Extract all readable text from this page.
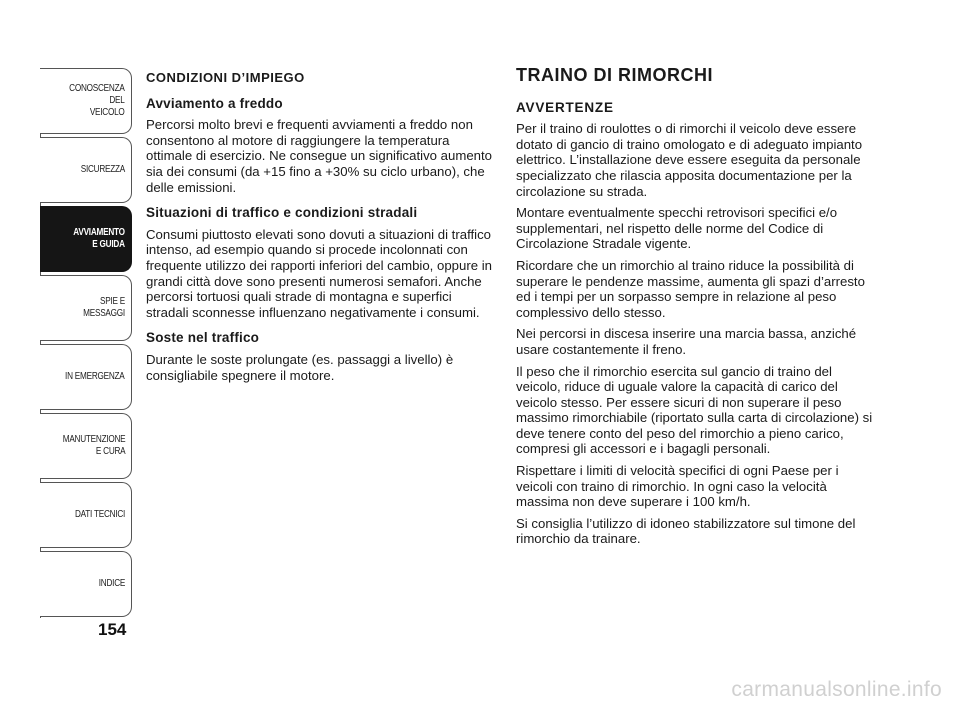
CONOSCENZA
DEL
VEICOLO
SICUREZZA
AVVIAMENTO
E GUIDA
SPIE E
MESSAGGI
IN EMERGENZA
MANUTENZIONE
E CURA
DATI TECNICI
INDICE
154
CONDIZIONI D’IMPIEGO
Avviamento a freddo

Percorsi molto brevi e frequenti avviamenti a freddo non consentono al motore di raggiungere la temperatura ottimale di esercizio. Ne consegue un significativo aumento sia dei consumi (da +15 fino a +30% su ciclo urbano), che delle emissioni.

Situazioni di traffico e condizioni stradali

Consumi piuttosto elevati sono dovuti a situazioni di traffico intenso, ad esempio quando si procede incolonnati con frequente utilizzo dei rapporti inferiori del cambio, oppure in grandi città dove sono presenti numerosi semafori. Anche percorsi tortuosi quali strade di montagna e superfici stradali sconnesse influenzano negativamente i consumi.

Soste nel traffico

Durante le soste prolungate (es. passaggi a livello) è consigliabile spegnere il motore.

TRAINO DI RIMORCHI
AVVERTENZE

Per il traino di roulottes o di rimorchi il veicolo deve essere dotato di gancio di traino omologato e di adeguato impianto elettrico. L’installazione deve essere eseguita da personale specializzato che rilascia apposita documentazione per la circolazione su strada.

Montare eventualmente specchi retrovisori specifici e/o supplementari, nel rispetto delle norme del Codice di Circolazione Stradale vigente.

Ricordare che un rimorchio al traino riduce la possibilità di superare le pendenze massime, aumenta gli spazi d’arresto ed i tempi per un sorpasso sempre in relazione al peso complessivo dello stesso.

Nei percorsi in discesa inserire una marcia bassa, anziché usare costantemente il freno.

Il peso che il rimorchio esercita sul gancio di traino del veicolo, riduce di uguale valore la capacità di carico del veicolo stesso. Per essere sicuri di non superare il peso massimo rimorchiabile (riportato sulla carta di circolazione) si deve tenere conto del peso del rimorchio a pieno carico, compresi gli accessori e i bagagli personali.

Rispettare i limiti di velocità specifici di ogni Paese per i veicoli con traino di rimorchio. In ogni caso la velocità massima non deve superare i 100 km/h.

Si consiglia l’utilizzo di idoneo stabilizzatore sul timone del rimorchio da trainare.

carmanualsonline.info
